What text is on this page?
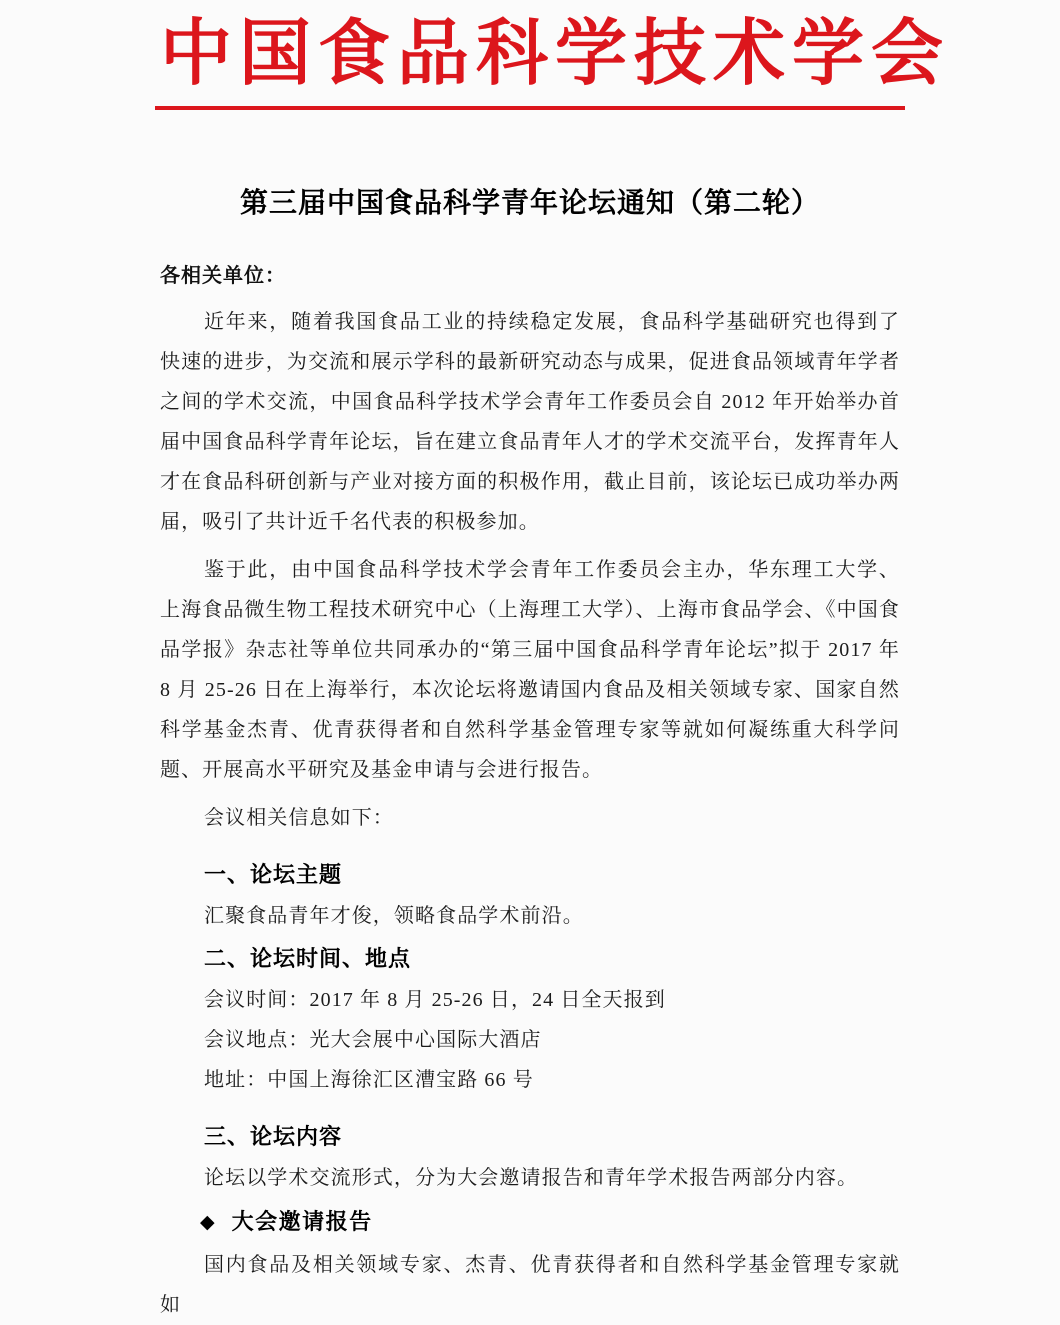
中国食品科学技术学会
第三届中国食品科学青年论坛通知（第二轮）

各相关单位：

近年来，随着我国食品工业的持续稳定发展，食品科学基础研究也得到了快速的进步，为交流和展示学科的最新研究动态与成果，促进食品领域青年学者之间的学术交流，中国食品科学技术学会青年工作委员会自 2012 年开始举办首届中国食品科学青年论坛，旨在建立食品青年人才的学术交流平台，发挥青年人才在食品科研创新与产业对接方面的积极作用，截止目前，该论坛已成功举办两届，吸引了共计近千名代表的积极参加。

鉴于此，由中国食品科学技术学会青年工作委员会主办，华东理工大学、上海食品微生物工程技术研究中心（上海理工大学）、上海市食品学会、《中国食品学报》杂志社等单位共同承办的“第三届中国食品科学青年论坛”拟于 2017 年 8 月 25-26 日在上海举行，本次论坛将邀请国内食品及相关领域专家、国家自然科学基金杰青、优青获得者和自然科学基金管理专家等就如何凝练重大科学问题、开展高水平研究及基金申请与会进行报告。

会议相关信息如下：

一、论坛主题

汇聚食品青年才俊，领略食品学术前沿。

二、论坛时间、地点

会议时间：2017 年 8 月 25-26 日，24 日全天报到

会议地点：光大会展中心国际大酒店

地址：中国上海徐汇区漕宝路 66 号

三、论坛内容

论坛以学术交流形式，分为大会邀请报告和青年学术报告两部分内容。

◆ 大会邀请报告

国内食品及相关领域专家、杰青、优青获得者和自然科学基金管理专家就如
